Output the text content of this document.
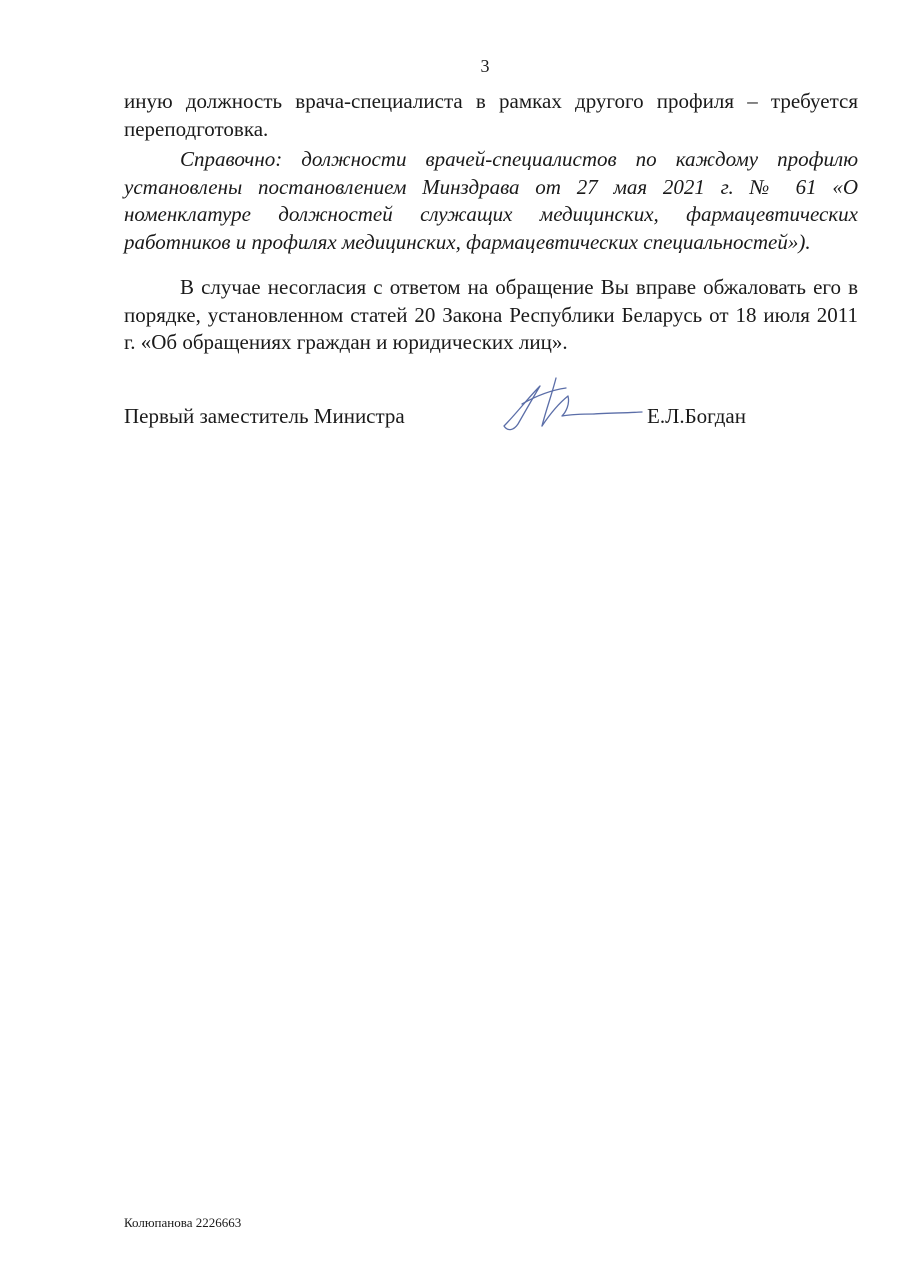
3
иную должность врача-специалиста в рамках другого профиля – требуется переподготовка.
Справочно: должности врачей-специалистов по каждому профилю установлены постановлением Минздрава от 27 мая 2021 г. № 61 «О номенклатуре должностей служащих медицинских, фармацевтических работников и профилях медицинских, фармацевтических специальностей»).
В случае несогласия с ответом на обращение Вы вправе обжаловать его в порядке, установленном статей 20 Закона Республики Беларусь от 18 июля 2011 г. «Об обращениях граждан и юридических лиц».
Первый заместитель Министра	Е.Л.Богдан
Колюпанова 2226663
